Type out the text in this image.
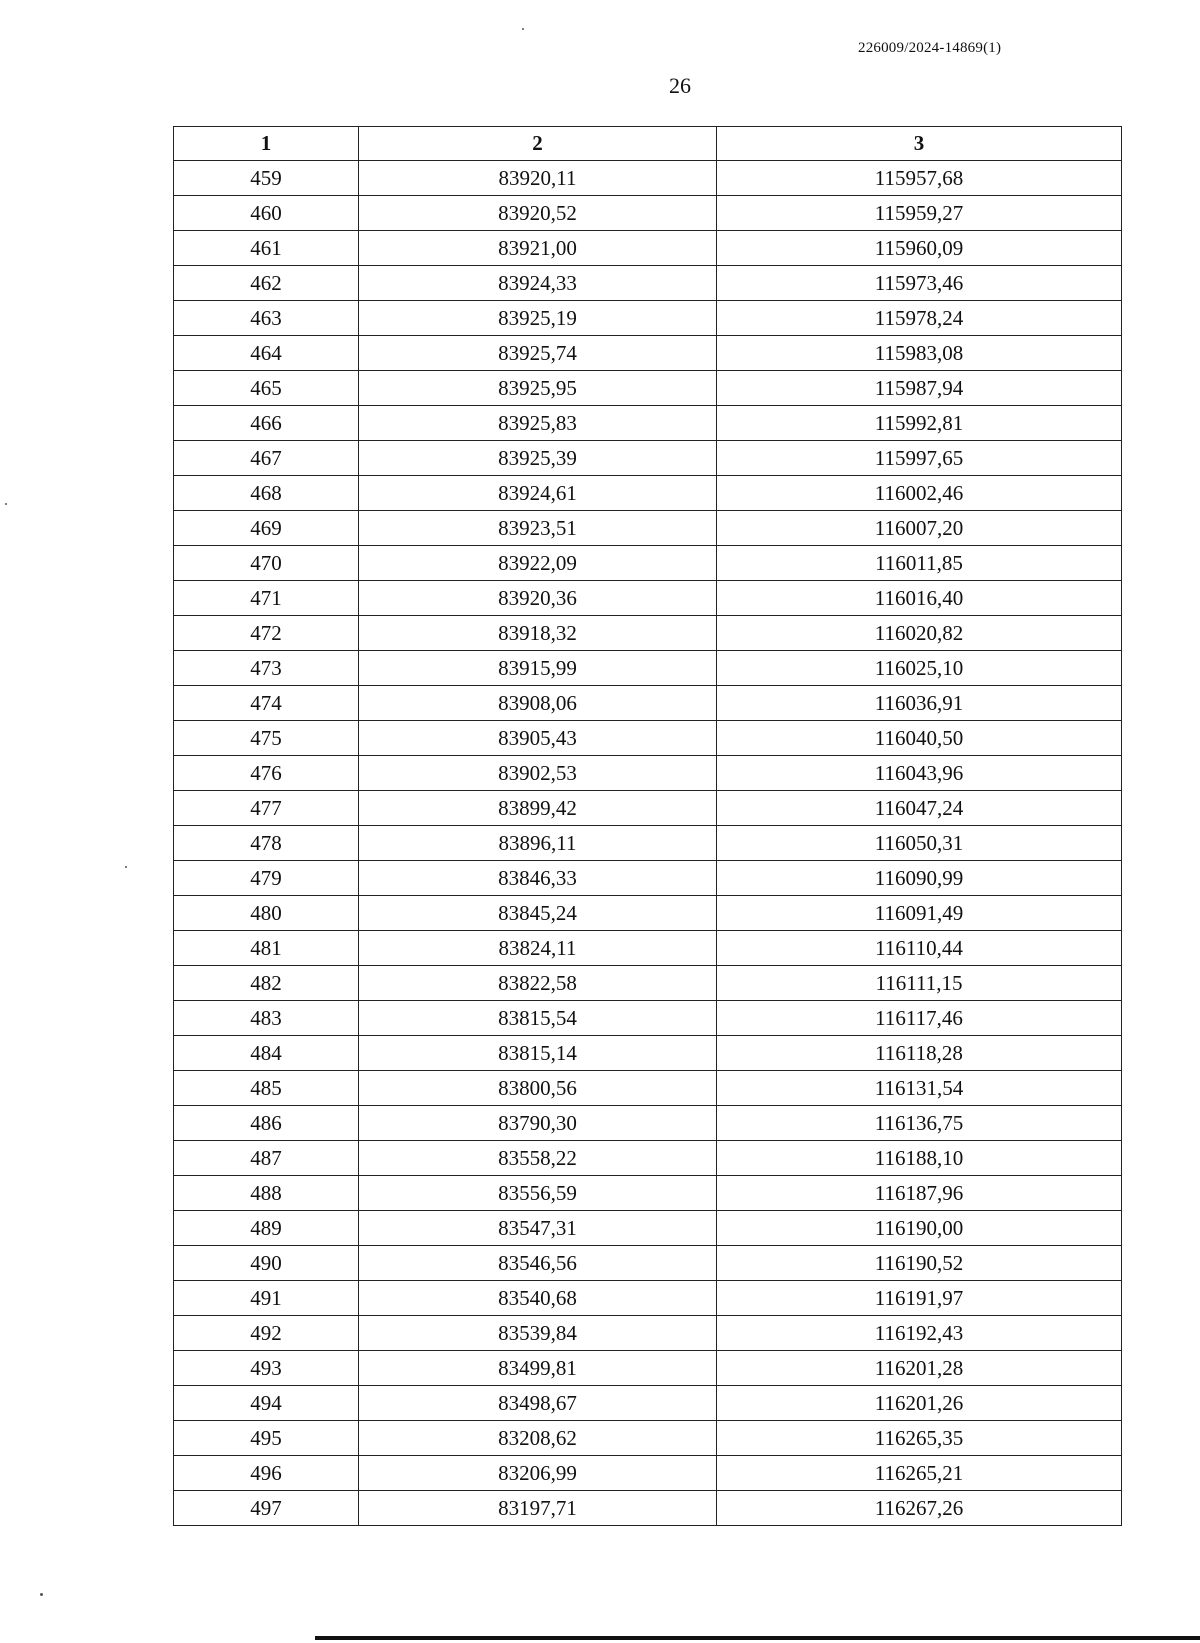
226009/2024-14869(1)
26
1	2	3
459	83920,11	115957,68
460	83920,52	115959,27
461	83921,00	115960,09
462	83924,33	115973,46
463	83925,19	115978,24
464	83925,74	115983,08
465	83925,95	115987,94
466	83925,83	115992,81
467	83925,39	115997,65
468	83924,61	116002,46
469	83923,51	116007,20
470	83922,09	116011,85
471	83920,36	116016,40
472	83918,32	116020,82
473	83915,99	116025,10
474	83908,06	116036,91
475	83905,43	116040,50
476	83902,53	116043,96
477	83899,42	116047,24
478	83896,11	116050,31
479	83846,33	116090,99
480	83845,24	116091,49
481	83824,11	116110,44
482	83822,58	116111,15
483	83815,54	116117,46
484	83815,14	116118,28
485	83800,56	116131,54
486	83790,30	116136,75
487	83558,22	116188,10
488	83556,59	116187,96
489	83547,31	116190,00
490	83546,56	116190,52
491	83540,68	116191,97
492	83539,84	116192,43
493	83499,81	116201,28
494	83498,67	116201,26
495	83208,62	116265,35
496	83206,99	116265,21
497	83197,71	116267,26
